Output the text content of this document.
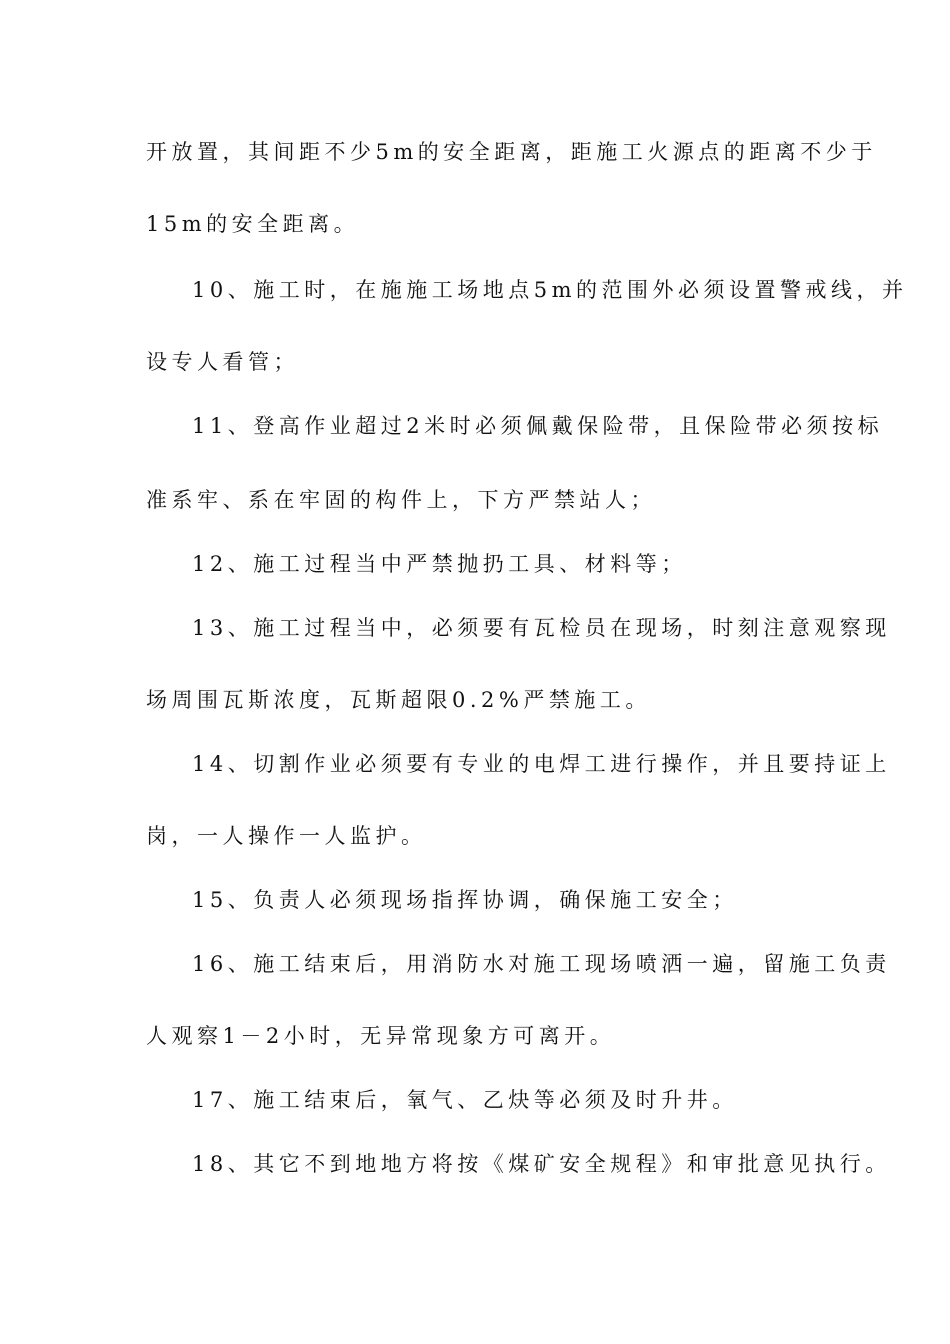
开放置，其间距不少5m的安全距离，距施工火源点的距离不少于
15m的安全距离。
10、施工时，在施施工场地点5m的范围外必须设置警戒线，并
设专人看管；
11、登高作业超过2米时必须佩戴保险带，且保险带必须按标
准系牢、系在牢固的构件上，下方严禁站人；
12、施工过程当中严禁抛扔工具、材料等；
13、施工过程当中，必须要有瓦检员在现场，时刻注意观察现
场周围瓦斯浓度，瓦斯超限0.2%严禁施工。
14、切割作业必须要有专业的电焊工进行操作，并且要持证上
岗，一人操作一人监护。
15、负责人必须现场指挥协调，确保施工安全；
16、施工结束后，用消防水对施工现场喷洒一遍，留施工负责
人观察1－2小时，无异常现象方可离开。
17、施工结束后，氧气、乙炔等必须及时升井。
18、其它不到地地方将按《煤矿安全规程》和审批意见执行。
